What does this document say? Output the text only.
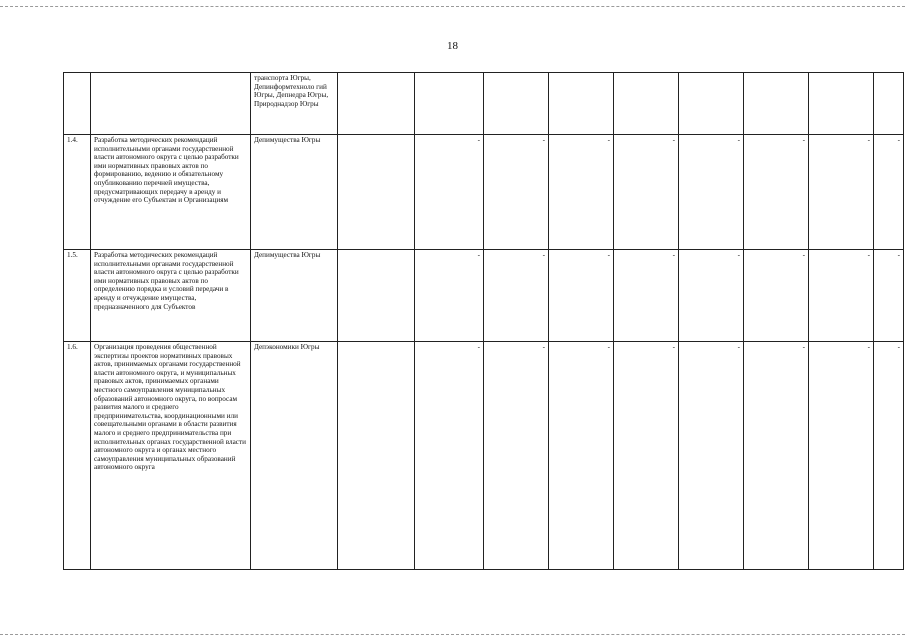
18
		транспорта Югры, Депинформтехноло гий Югры, Депнедра Югры, Природнадзор Югры									
1.4.	Разработка методических рекомендаций исполнительными органами государственной власти автономного округа с целью разработки ими нормативных правовых актов по формированию, ведению и обязательному опубликованию перечней имущества, предусматривающих передачу в аренду и отчуждение его Субъектам и Организациям	Депимущества Югры		-	-	-	-	-	-	-	-
1.5.	Разработка методических рекомендаций исполнительными органами государственной власти автономного округа с целью разработки ими нормативных правовых актов по определению порядка и условий передачи в аренду и отчуждение имущества, предназначенного для Субъектов	Депимущества Югры		-	-	-	-	-	-	-	-
1.6.	Организация проведения общественной экспертизы проектов нормативных правовых актов, принимаемых органами государственной власти автономного округа, и муниципальных правовых актов, принимаемых органами местного самоуправления муниципальных образований автономного округа, по вопросам развития малого и среднего предпринимательства, координационными или совещательными органами в области развития малого и среднего предпринимательства при исполнительных органах государственной власти автономного округа и органах местного самоуправления муниципальных образований автономного округа	Депэкономики Югры		-	-	-	-	-	-	-	-
